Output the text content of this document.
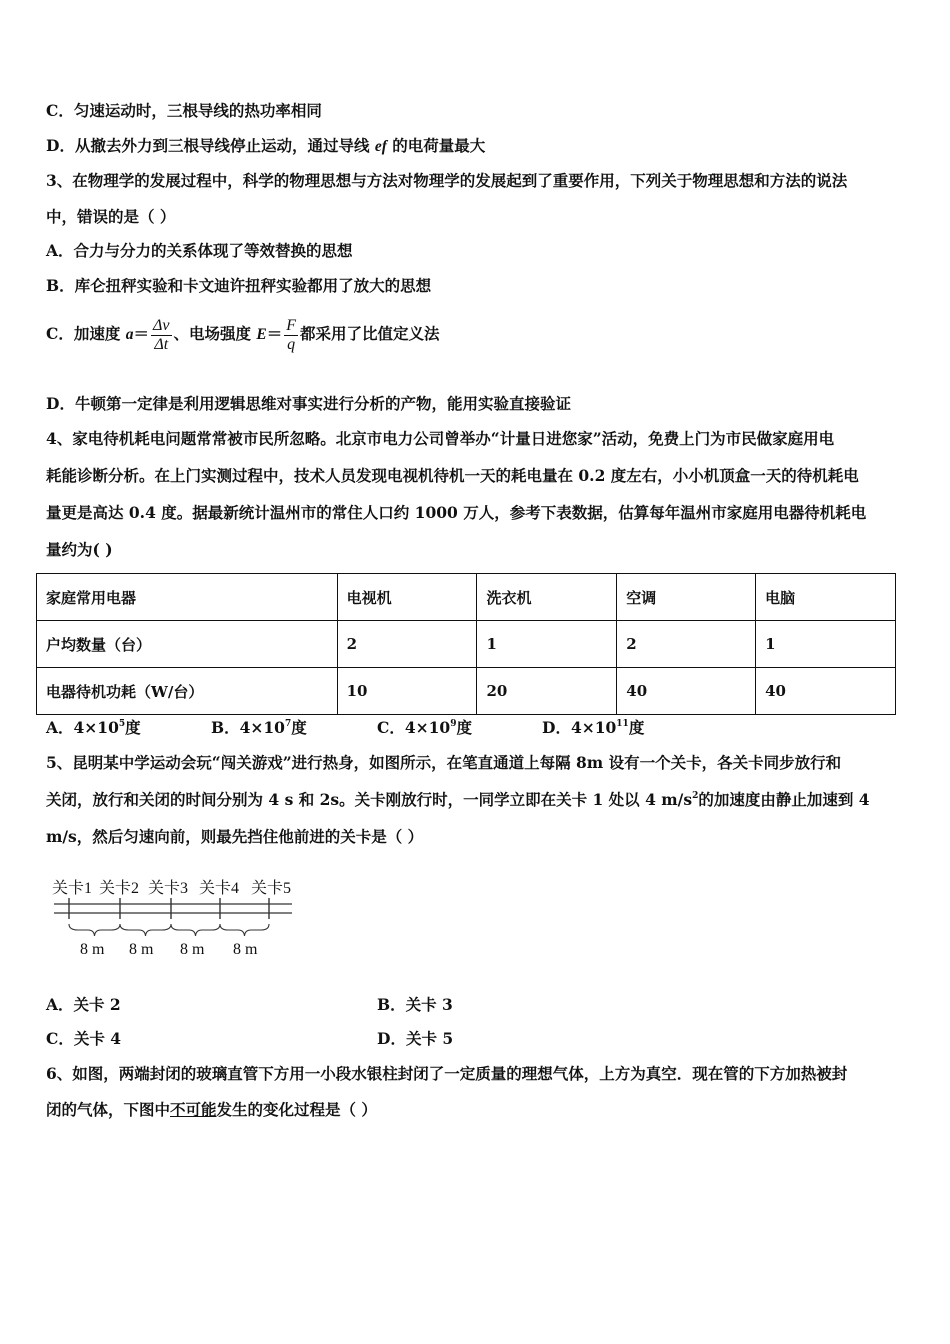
C．匀速运动时，三根导线的热功率相同
D．从撤去外力到三根导线停止运动，通过导线 ef 的电荷量最大
3、在物理学的发展过程中，科学的物理思想与方法对物理学的发展起到了重要作用，下列关于物理思想和方法的说法
中，错误的是（ ）
A．合力与分力的关系体现了等效替换的思想
B．库仑扭秤实验和卡文迪许扭秤实验都用了放大的思想
C．加速度 $a= \frac{\Delta v}{\Delta t}$ 、电场强度 $E= \frac{F}{q}$ 都采用了比值定义法
D．牛顿第一定律是利用逻辑思维对事实进行分析的产物，能用实验直接验证
4、家电待机耗电问题常常被市民所忽略。北京市电力公司曾举办“计量日进您家”活动，免费上门为市民做家庭用电
耗能诊断分析。在上门实测过程中，技术人员发现电视机待机一天的耗电量在 0.2 度左右，小小机顶盒一天的待机耗电
量更是高达 0.4 度。据最新统计温州市的常住人口约 1000 万人，参考下表数据，估算每年温州市家庭用电器待机耗电
量约为( )
家庭常用电器	电视机	洗衣机	空调	电脑
户均数量（台）	2	1	2	1
电器待机功耗（W/台）	10	20	40	40
A．$4\times 10^5$度	B．$4\times 10^7$度	C．$4\times 10^9$度	D．$4\times 10^{11}$度
5、昆明某中学运动会玩“闯关游戏”进行热身，如图所示，在笔直通道上每隔 8m 设有一个关卡，各关卡同步放行和
关闭，放行和关闭的时间分别为 4 s 和 2s。关卡刚放行时，一同学立即在关卡 1 处以 4 $m/s^2$的加速度由静止加速到 4
m/s，然后匀速向前，则最先挡住他前进的关卡是（ ）
关卡1 关卡2 关卡3 关卡4 关卡5
8 m 8 m 8 m 8 m
A．关卡 2	B．关卡 3
C．关卡 4	D．关卡 5
6、如图，两端封闭的玻璃直管下方用一小段水银柱封闭了一定质量的理想气体，上方为真空．现在管的下方加热被封
闭的气体，下图中不可能发生的变化过程是（ ）
